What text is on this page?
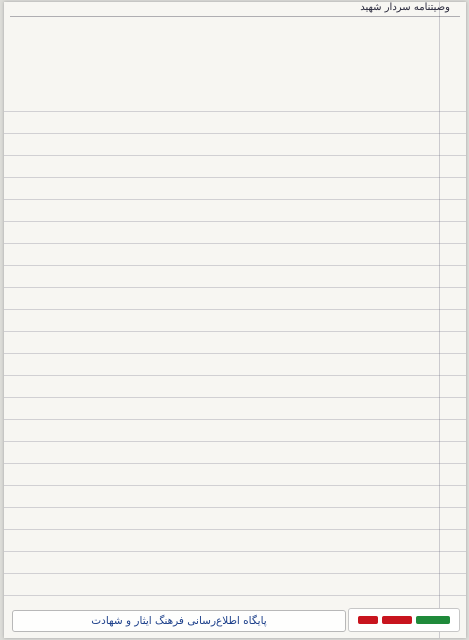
وصیتنامه سردار شهید
پایگاه اطلاع‌رسانی فرهنگ ایثار و شهادت
